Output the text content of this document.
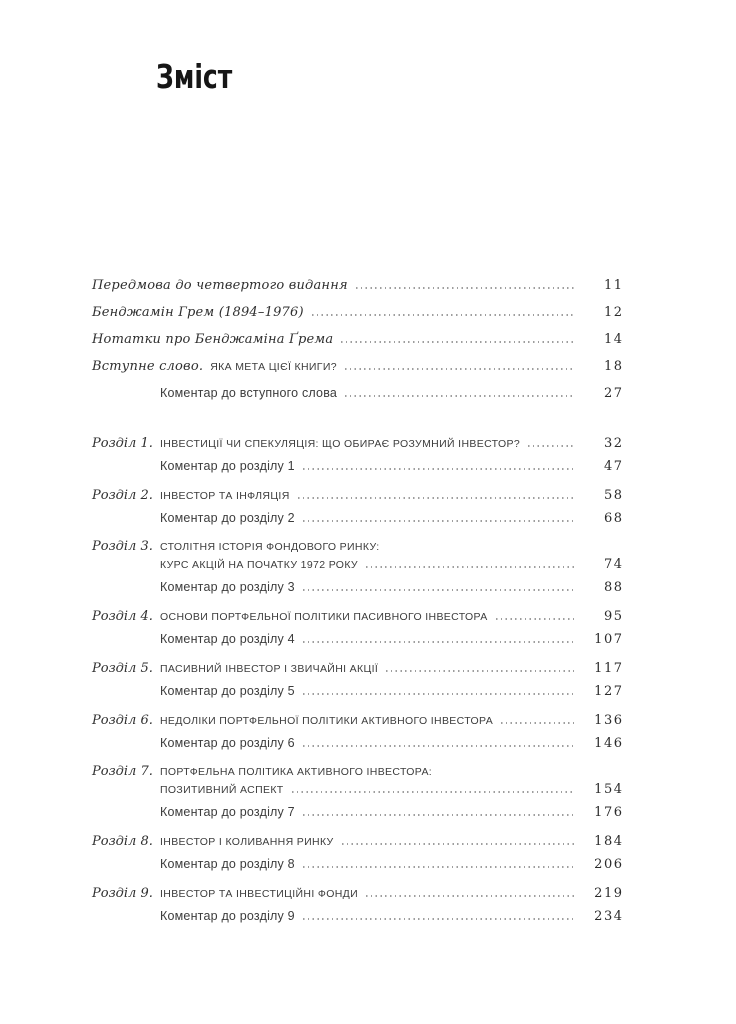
Зміст
Передмова до четвертого видання	11
Бенджамін Грем (1894–1976)	12
Нотатки про Бенджаміна Ґрема	14
Вступне слово. ЯКА МЕТА ЦІЄЇ КНИГИ?	18
Коментар до вступного слова	27
Розділ 1. ІНВЕСТИЦІЇ ЧИ СПЕКУЛЯЦІЯ: ЩО ОБИРАЄ РОЗУМНИЙ ІНВЕСТОР?	32
Коментар до розділу 1	47
Розділ 2. ІНВЕСТОР ТА ІНФЛЯЦІЯ	58
Коментар до розділу 2	68
Розділ 3. СТОЛІТНЯ ІСТОРІЯ ФОНДОВОГО РИНКУ:
КУРС АКЦІЙ НА ПОЧАТКУ 1972 РОКУ	74
Коментар до розділу 3	88
Розділ 4. ОСНОВИ ПОРТФЕЛЬНОЇ ПОЛІТИКИ ПАСИВНОГО ІНВЕСТОРА	95
Коментар до розділу 4	107
Розділ 5. ПАСИВНИЙ ІНВЕСТОР І ЗВИЧАЙНІ АКЦІЇ	117
Коментар до розділу 5	127
Розділ 6. НЕДОЛІКИ ПОРТФЕЛЬНОЇ ПОЛІТИКИ АКТИВНОГО ІНВЕСТОРА	136
Коментар до розділу 6	146
Розділ 7. ПОРТФЕЛЬНА ПОЛІТИКА АКТИВНОГО ІНВЕСТОРА:
ПОЗИТИВНИЙ АСПЕКТ	154
Коментар до розділу 7	176
Розділ 8. ІНВЕСТОР І КОЛИВАННЯ РИНКУ	184
Коментар до розділу 8	206
Розділ 9. ІНВЕСТОР ТА ІНВЕСТИЦІЙНІ ФОНДИ	219
Коментар до розділу 9	234
